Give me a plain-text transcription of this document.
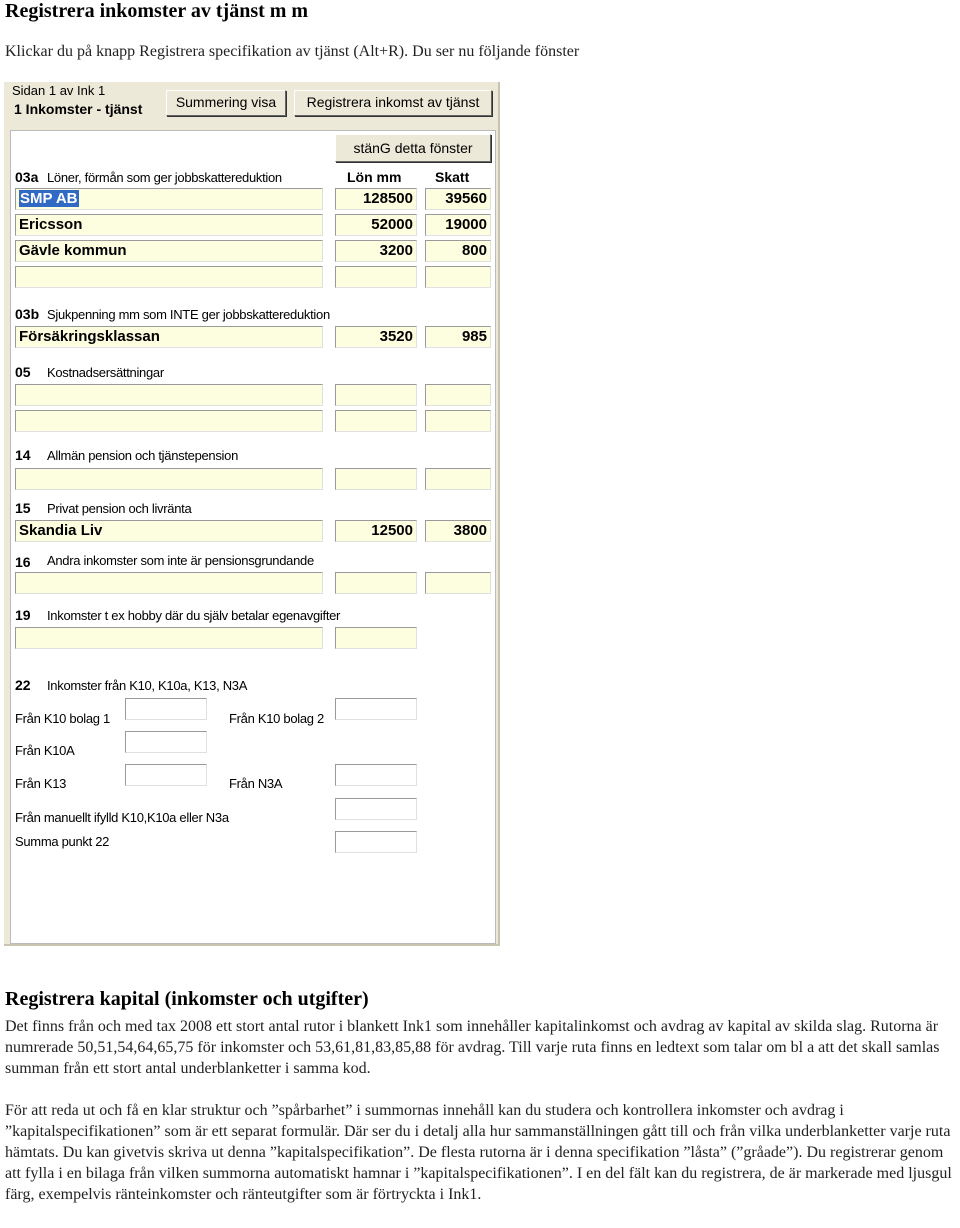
Registrera inkomster av tjänst m m
Klickar du på knapp Registrera specifikation av tjänst (Alt+R). Du ser nu följande fönster
Sidan 1 av Ink 1
1 Inkomster - tjänst	Summering visa	Registrera inkomst av tjänst
stänG detta fönster
03a Löner, förmån som ger jobbskattereduktion	Lön mm Skatt
SMP AB	128500	39560
Ericsson	52000	19000
Gävle kommun	3200	800
03b Sjukpenning mm som INTE ger jobbskattereduktion
Försäkringsklassan	3520	985
05 Kostnadsersättningar
14 Allmän pension och tjänstepension
15 Privat pension och livränta
Skandia Liv	12500	3800
16 Andra inkomster som inte är pensionsgrundande
19 Inkomster t ex hobby där du själv betalar egenavgifter
22 Inkomster från K10, K10a, K13, N3A
Från K10 bolag 1	Från K10 bolag 2
Från K10A
Från K13	Från N3A
Från manuellt ifylld K10,K10a eller N3a
Summa punkt 22
Registrera kapital (inkomster och utgifter)
Det finns från och med tax 2008 ett stort antal rutor i blankett Ink1 som innehåller kapitalinkomst och avdrag av kapital av skilda slag. Rutorna är numrerade 50,51,54,64,65,75 för inkomster och 53,61,81,83,85,88 för avdrag. Till varje ruta finns en ledtext som talar om bl a att det skall samlas summan från ett stort antal underblanketter i samma kod.
För att reda ut och få en klar struktur och ”spårbarhet” i summornas innehåll kan du studera och kontrollera inkomster och avdrag i ”kapitalspecifikationen” som är ett separat formulär. Där ser du i detalj alla hur sammanställningen gått till och från vilka underblanketter varje ruta hämtats. Du kan givetvis skriva ut denna ”kapitalspecifikation”. De flesta rutorna är i denna specifikation ”låsta” (”gråade”). Du registrerar genom att fylla i en bilaga från vilken summorna automatiskt hamnar i ”kapitalspecifikationen”. I en del fält kan du registrera, de är markerade med ljusgul färg, exempelvis ränteinkomster och ränteutgifter som är förtryckta i Ink1.
